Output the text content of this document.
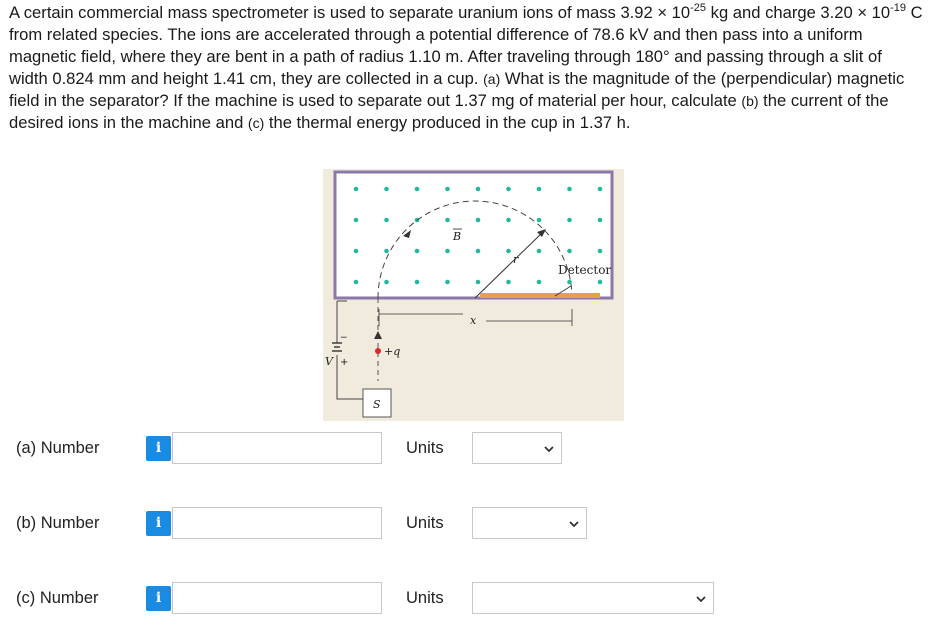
A certain commercial mass spectrometer is used to separate uranium ions of mass $3.92 \times 10^{-25}$ kg and charge $3.20 \times 10^{-19}$ C from related species. The ions are accelerated through a potential difference of 78.6 kV and then pass into a uniform magnetic field, where they are bent in a path of radius 1.10 m. After traveling through 180° and passing through a slit of width 0.824 mm and height 1.41 cm, they are collected in a cup. (a) What is the magnitude of the (perpendicular) magnetic field in the separator? If the machine is used to separate out 1.37 mg of material per hour, calculate (b) the current of the desired ions in the machine and (c) the thermal energy produced in the cup in 1.37 h.
r
B
Detector
x
+q
−
V +
S
(a) Number	i	Units
(b) Number	i	Units
(c) Number	i	Units
